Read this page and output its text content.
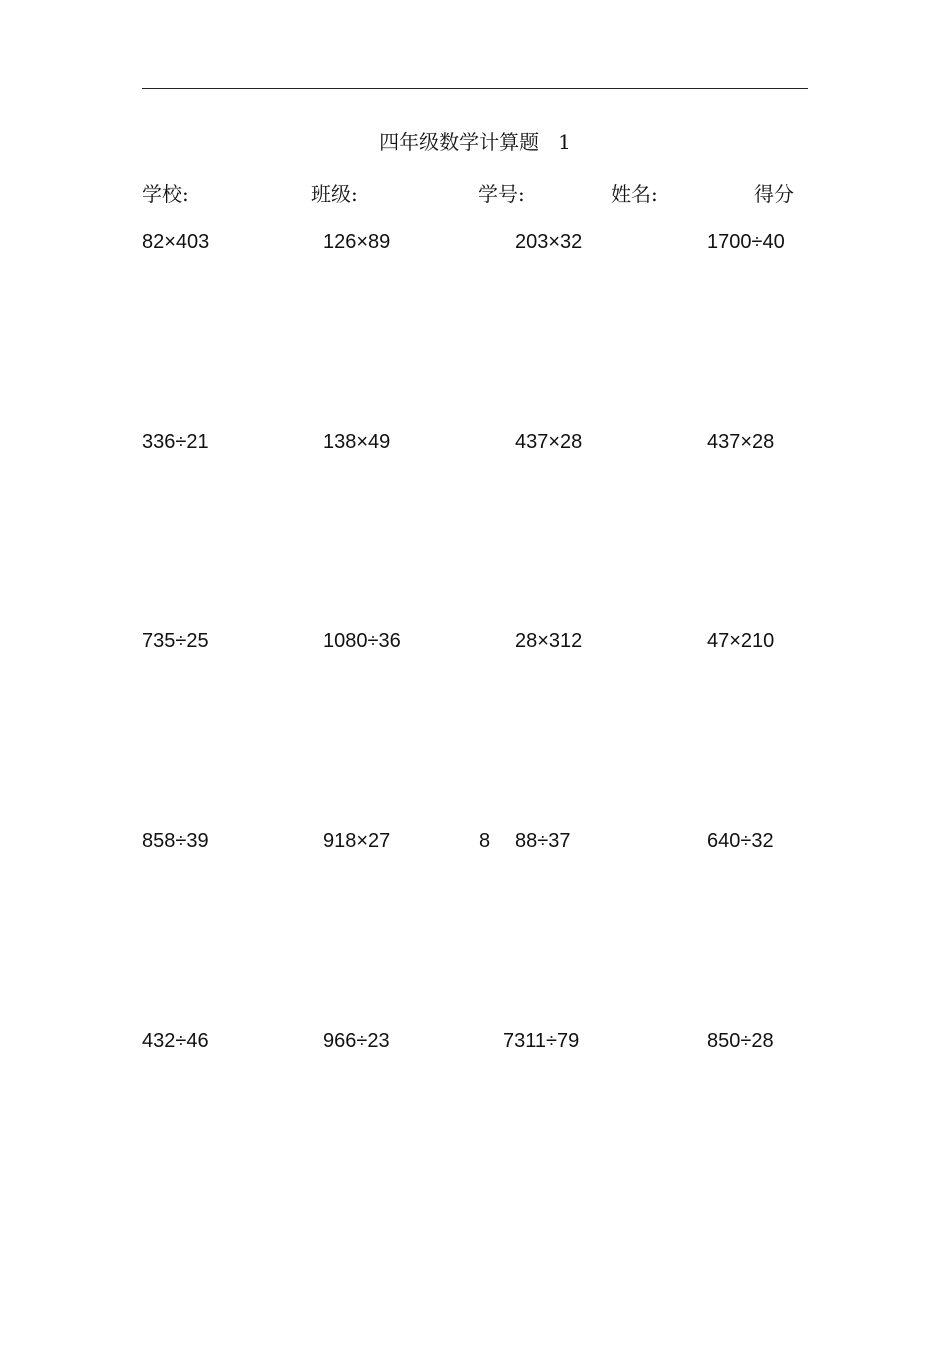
四年级数学计算题   1
学校:	班级:	学号:	姓名:	得分
82×403	126×89	203×32	1700÷40
336÷21	138×49	437×28	437×28
735÷25	1080÷36	28×312	47×210
858÷39	918×27	8 88÷37	640÷32
432÷46	966÷23	7311÷79	850÷28
